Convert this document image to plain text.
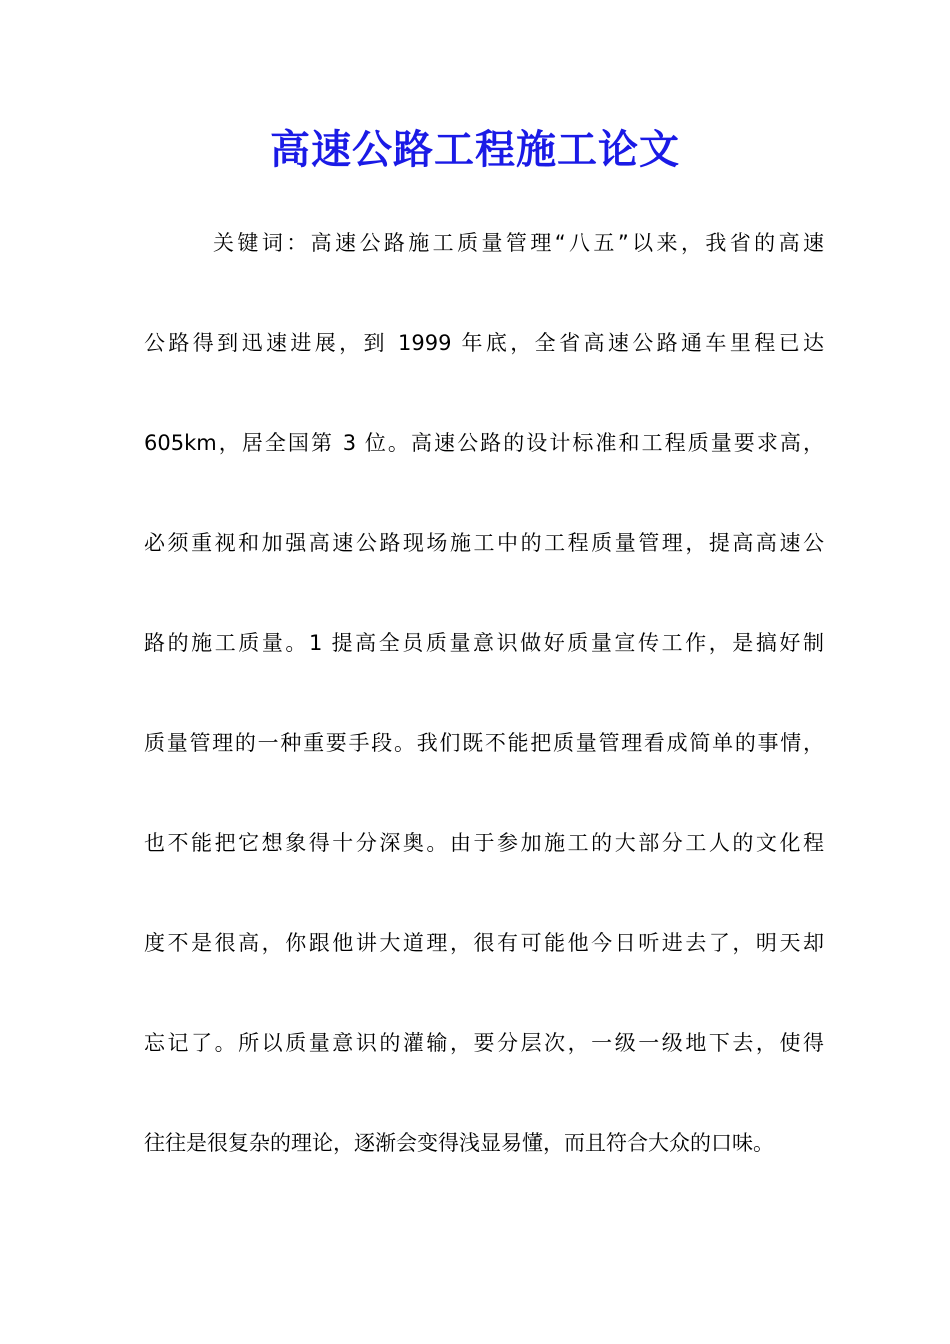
高速公路工程施工论文
关键词：高速公路施工质量管理“八五”以来，我省的高速
公路得到迅速进展，到 1999 年底，全省高速公路通车里程已达
605km，居全国第 3 位。高速公路的设计标准和工程质量要求高，
必须重视和加强高速公路现场施工中的工程质量管理，提高高速公
路的施工质量。1 提高全员质量意识做好质量宣传工作，是搞好制
质量管理的一种重要手段。我们既不能把质量管理看成简单的事情，
也不能把它想象得十分深奥。由于参加施工的大部分工人的文化程
度不是很高，你跟他讲大道理，很有可能他今日听进去了，明天却
忘记了。所以质量意识的灌输，要分层次，一级一级地下去，使得
往往是很复杂的理论，逐渐会变得浅显易懂，而且符合大众的口味。
